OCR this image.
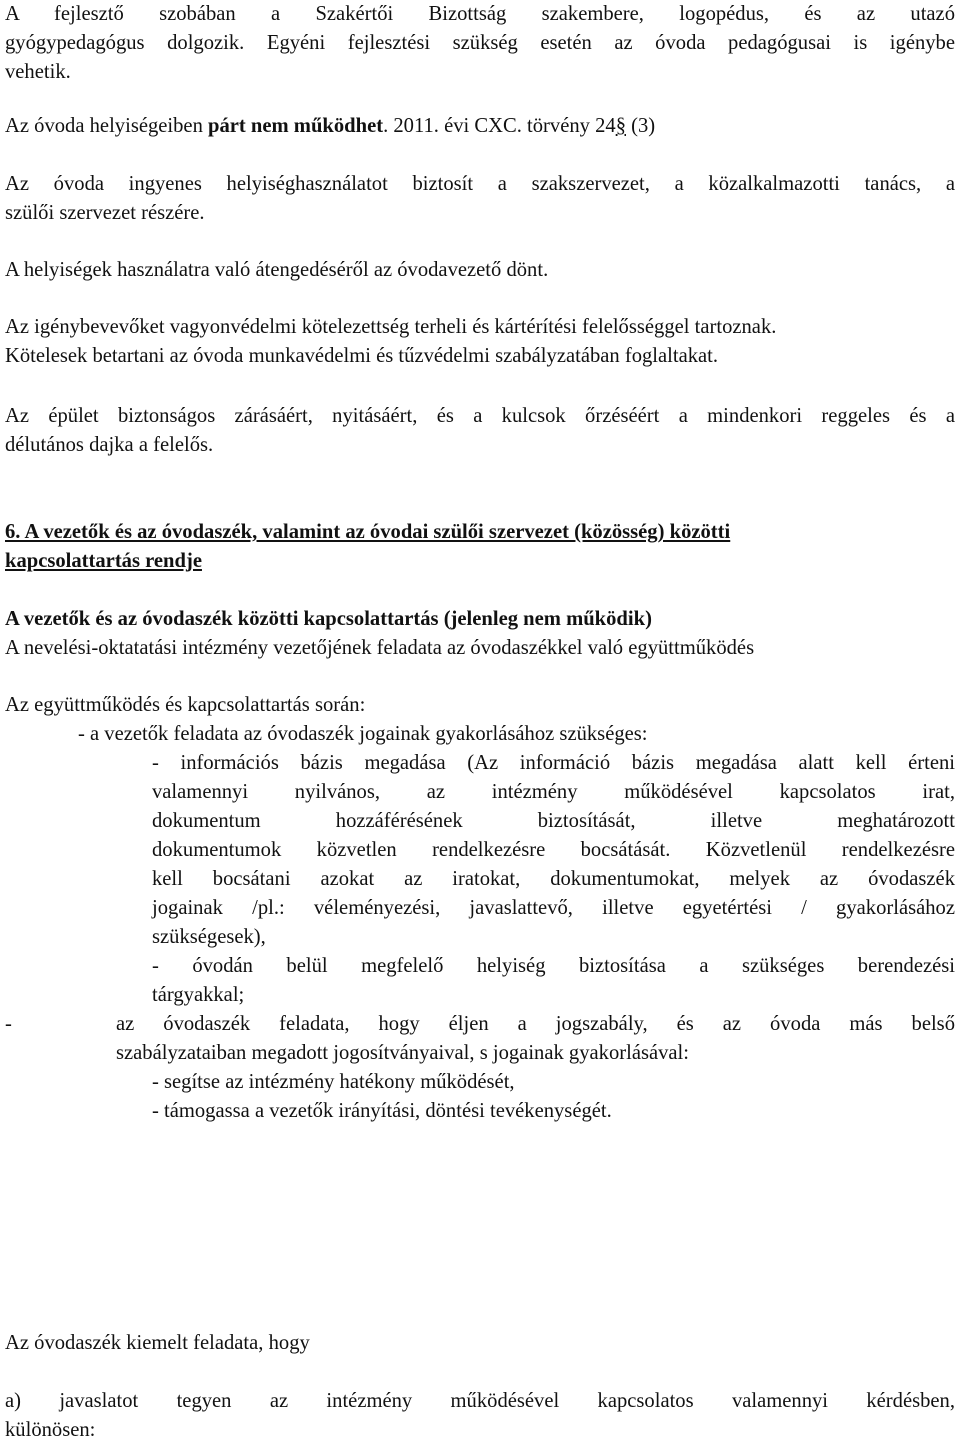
A fejlesztő szobában a Szakértői Bizottság szakembere, logopédus, és az utazó
gyógypedagógus dolgozik. Egyéni fejlesztési szükség esetén az óvoda pedagógusai is igénybe
vehetik.
Az óvoda helyiségeiben párt nem működhet. 2011. évi CXC. törvény 24§ (3)
Az óvoda ingyenes helyiséghasználatot biztosít a szakszervezet, a közalkalmazotti tanács, a
szülői szervezet részére.
A helyiségek használatra való átengedéséről az óvodavezető dönt.
Az igénybevevőket vagyonvédelmi kötelezettség terheli és kártérítési felelősséggel tartoznak.
Kötelesek betartani az óvoda munkavédelmi és tűzvédelmi szabályzatában foglaltakat.
Az épület biztonságos zárásáért, nyitásáért, és a kulcsok őrzéséért a mindenkori reggeles és a
délutános dajka a felelős.
6. A vezetők és az óvodaszék, valamint az óvodai szülői szervezet (közösség) közötti
kapcsolattartás rendje
A vezetők és az óvodaszék közötti kapcsolattartás (jelenleg nem működik)
A nevelési-oktatatási intézmény vezetőjének feladata az óvodaszékkel való együttműködés
Az együttműködés és kapcsolattartás során:
- a vezetők feladata az óvodaszék jogainak gyakorlásához szükséges:
- információs bázis megadása (Az információ bázis megadása alatt kell érteni
valamennyi nyilvános, az intézmény működésével kapcsolatos irat,
dokumentum hozzáférésének biztosítását, illetve meghatározott
dokumentumok közvetlen rendelkezésre bocsátását. Közvetlenül rendelkezésre
kell bocsátani azokat az iratokat, dokumentumokat, melyek az óvodaszék
jogainak /pl.: véleményezési, javaslattevő, illetve egyetértési / gyakorlásához
szükségesek),
- óvodán belül megfelelő helyiség biztosítása a szükséges berendezési
tárgyakkal;
-	az óvodaszék feladata, hogy éljen a jogszabály, és az óvoda más belső
szabályzataiban megadott jogosítványaival, s jogainak gyakorlásával:
- segítse az intézmény hatékony működését,
- támogassa a vezetők irányítási, döntési tevékenységét.
Az óvodaszék kiemelt feladata, hogy
a) javaslatot tegyen az intézmény működésével kapcsolatos valamennyi kérdésben,
különösen:
